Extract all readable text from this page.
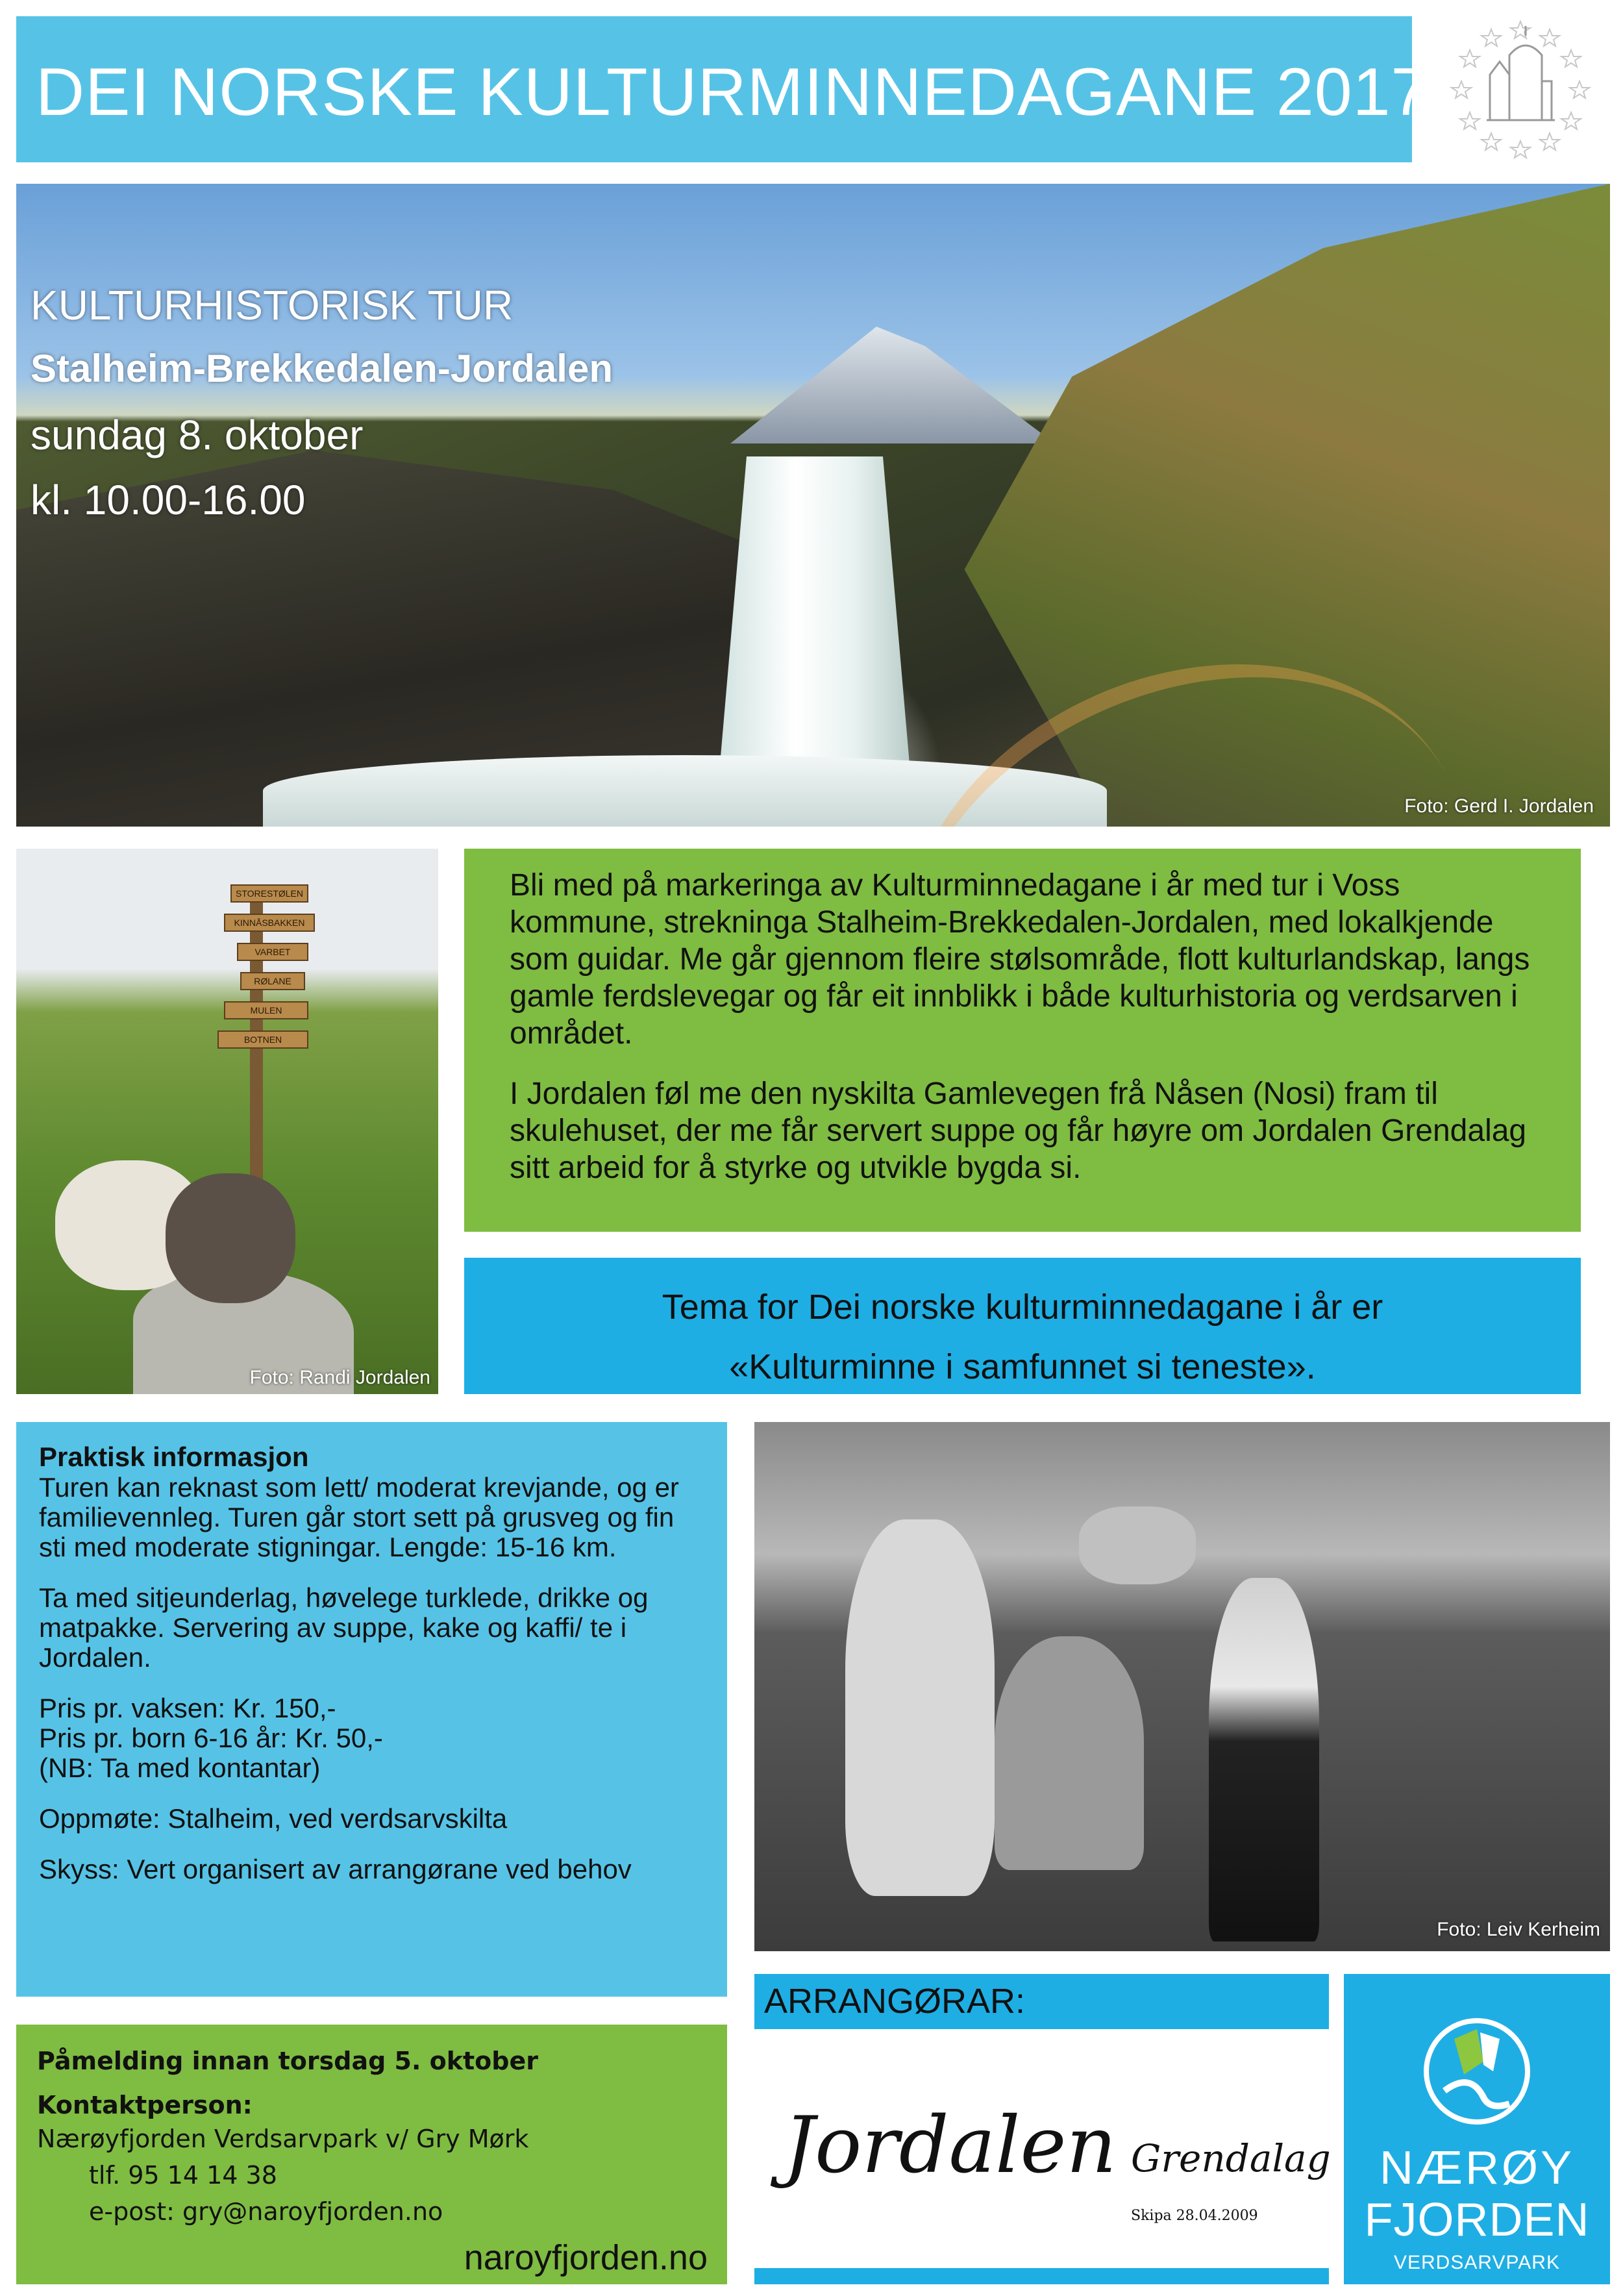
DEI NORSKE KULTURMINNEDAGANE 2017
KULTURHISTORISK TUR
Stalheim-Brekkedalen-Jordalen
sundag 8. oktober
kl. 10.00-16.00
Foto: Gerd I. Jordalen
STORESTØLEN
KINNÅSBAKKEN
VARBET
RØLANE
MULEN
BOTNEN
Foto: Randi Jordalen

Bli med på markeringa av Kulturminnedagane i år med tur i Voss kommune, strekninga Stalheim-Brekkedalen-Jordalen, med lokalkjende som guidar. Me går gjennom fleire stølsområde, flott kulturlandskap, langs gamle ferdslevegar og får eit innblikk i både kulturhistoria og verdsarven i området.

I Jordalen føl me den nyskilta Gamlevegen frå Nåsen (Nosi) fram til skulehuset, der me får servert suppe og får høyre om Jordalen Grendalag sitt arbeid for å styrke og utvikle bygda si.

Tema for Dei norske kulturminnedagane i år er
«Kulturminne i samfunnet si teneste».
Praktisk informasjon

Turen kan reknast som lett/ moderat krevjande, og er familievennleg. Turen går stort sett på grusveg og fin sti med moderate stigningar. Lengde: 15-16 km.

Ta med sitjeunderlag, høvelege turklede, drikke og matpakke. Servering av suppe, kake og kaffi/ te i Jordalen.

Pris pr. vaksen: Kr. 150,-

Pris pr. born 6-16 år: Kr. 50,-

(NB: Ta med kontantar)

Oppmøte: Stalheim, ved verdsarvskilta

Skyss: Vert organisert av arrangørane ved behov

Foto: Leiv Kerheim
Påmelding innan torsdag 5. oktober
Kontaktperson:
Nærøyfjorden Verdsarvpark v/ Gry Mørk
tlf. 95 14 14 38
e-post: gry@naroyfjorden.no
naroyfjorden.no
ARRANGØRAR:
Jordalen Grendalag
Skipa 28.04.2009
NÆRØY
FJORDEN
VERDSARVPARK
